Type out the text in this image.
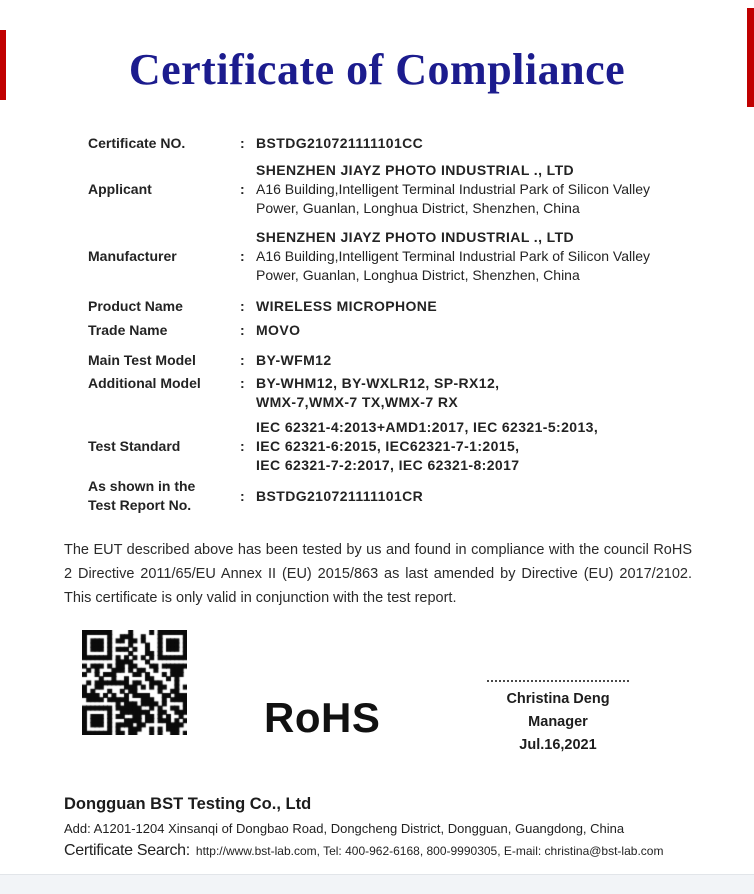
Certificate of Compliance
Certificate NO.	: BSTDG210721111101CC
SHENZHEN JIAYZ PHOTO INDUSTRIAL ., LTD
Applicant	: A16 Building,Intelligent Terminal Industrial Park of Silicon Valley
Power, Guanlan, Longhua District, Shenzhen, China
SHENZHEN JIAYZ PHOTO INDUSTRIAL ., LTD
Manufacturer	: A16 Building,Intelligent Terminal Industrial Park of Silicon Valley
Power, Guanlan, Longhua District, Shenzhen, China
Product Name	: WIRELESS MICROPHONE
Trade Name	: MOVO
Main Test Model	: BY-WFM12
Additional Model	: BY-WHM12, BY-WXLR12, SP-RX12,
WMX-7,WMX-7 TX,WMX-7 RX
IEC 62321-4:2013+AMD1:2017, IEC 62321-5:2013,
Test Standard	: IEC 62321-6:2015, IEC62321-7-1:2015,
IEC 62321-7-2:2017, IEC 62321-8:2017
As shown in the
Test Report No.
: BSTDG210721111101CR
The EUT described above has been tested by us and found in compliance with the council RoHS 2 Directive 2011/65/EU Annex II (EU) 2015/863 as last amended by Directive (EU) 2017/2102. This certificate is only valid in conjunction with the test report.
RoHS	Christina Deng
Manager
Jul.16,2021
Dongguan BST Testing Co., Ltd
Add: A1201-1204 Xinsanqi of Dongbao Road, Dongcheng District, Dongguan, Guangdong, China
Certificate Search: http://www.bst-lab.com, Tel: 400-962-6168, 800-9990305, E-mail: christina@bst-lab.com
